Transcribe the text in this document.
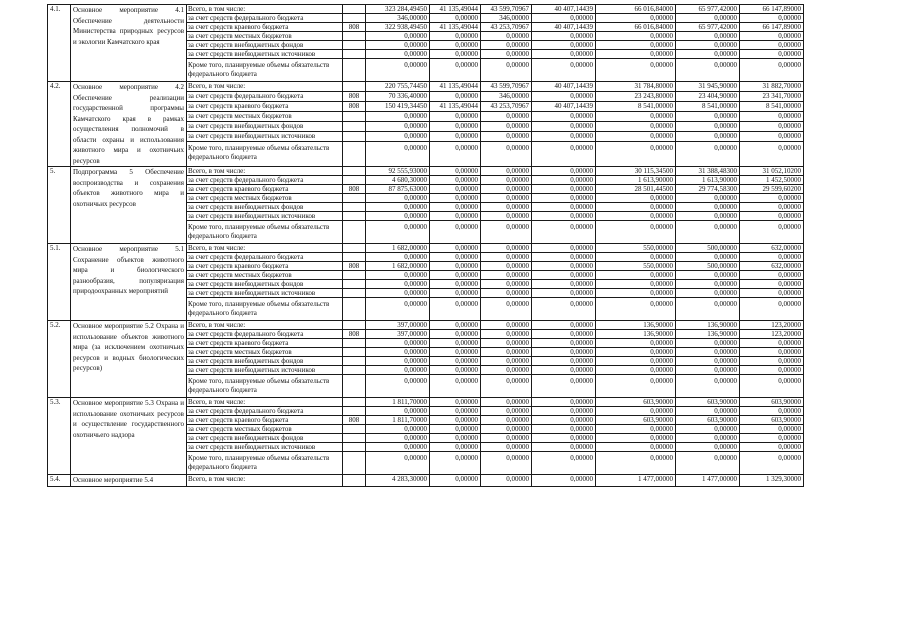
4.1.	Основное мероприятие 4.1 Обеспечение деятельности Министерства природных ресурсов и экологии Камчатского края	Всего, в том числе:		323 284,49450	41 135,49044	43 599,70967	40 407,14439	66 016,84000	65 977,42000	66 147,89000
		за счет средств федерального бюджета		346,00000	0,00000	346,00000	0,00000	0,00000	0,00000	0,00000
		за счет средств краевого бюджета	808	322 938,49450	41 135,49044	43 253,70967	40 407,14439	66 016,84000	65 977,42000	66 147,89000
		за счет средств местных бюджетов		0,00000	0,00000	0,00000	0,00000	0,00000	0,00000	0,00000
		за счет средств внебюджетных фондов		0,00000	0,00000	0,00000	0,00000	0,00000	0,00000	0,00000
		за счет средств внебюджетных источников		0,00000	0,00000	0,00000	0,00000	0,00000	0,00000	0,00000
		Кроме того, планируемые объемы обязательств федерального бюджета		0,00000	0,00000	0,00000	0,00000	0,00000	0,00000	0,00000
4.2.	Основное мероприятие 4.2 Обеспечение реализации государственной программы Камчатского края в рамках осуществления полномочий в области охраны и использования животного мира и охотничьих ресурсов	Всего, в том числе:		220 755,74450	41 135,49044	43 599,70967	40 407,14439	31 784,80000	31 945,90000	31 882,70000
		за счет средств федерального бюджета	808	70 336,40000	0,00000	346,00000	0,00000	23 243,80000	23 404,90000	23 341,70000
		за счет средств краевого бюджета	808	150 419,34450	41 135,49044	43 253,70967	40 407,14439	8 541,00000	8 541,00000	8 541,00000
		за счет средств местных бюджетов		0,00000	0,00000	0,00000	0,00000	0,00000	0,00000	0,00000
		за счет средств внебюджетных фондов		0,00000	0,00000	0,00000	0,00000	0,00000	0,00000	0,00000
		за счет средств внебюджетных источников		0,00000	0,00000	0,00000	0,00000	0,00000	0,00000	0,00000
		Кроме того, планируемые объемы обязательств федерального бюджета		0,00000	0,00000	0,00000	0,00000	0,00000	0,00000	0,00000
5.	Подпрограмма 5 Обеспечение воспроизводства и сохранения объектов животного мира и охотничьих ресурсов	Всего, в том числе:		92 555,93000	0,00000	0,00000	0,00000	30 115,34500	31 388,48300	31 052,10200
		за счет средств федерального бюджета		4 680,30000	0,00000	0,00000	0,00000	1 613,90000	1 613,90000	1 452,50000
		за счет средств краевого бюджета	808	87 875,63000	0,00000	0,00000	0,00000	28 501,44500	29 774,58300	29 599,60200
		за счет средств местных бюджетов		0,00000	0,00000	0,00000	0,00000	0,00000	0,00000	0,00000
		за счет средств внебюджетных фондов		0,00000	0,00000	0,00000	0,00000	0,00000	0,00000	0,00000
		за счет средств внебюджетных источников		0,00000	0,00000	0,00000	0,00000	0,00000	0,00000	0,00000
		Кроме того, планируемые объемы обязательств федерального бюджета		0,00000	0,00000	0,00000	0,00000	0,00000	0,00000	0,00000
5.1.	Основное мероприятие 5.1 Сохранение объектов животного мира и биологического разнообразия, популяризация природоохранных мероприятий	Всего, в том числе:		1 682,00000	0,00000	0,00000	0,00000	550,00000	500,00000	632,00000
		за счет средств федерального бюджета		0,00000	0,00000	0,00000	0,00000	0,00000	0,00000	0,00000
		за счет средств краевого бюджета	808	1 682,00000	0,00000	0,00000	0,00000	550,00000	500,00000	632,00000
		за счет средств местных бюджетов		0,00000	0,00000	0,00000	0,00000	0,00000	0,00000	0,00000
		за счет средств внебюджетных фондов		0,00000	0,00000	0,00000	0,00000	0,00000	0,00000	0,00000
		за счет средств внебюджетных источников		0,00000	0,00000	0,00000	0,00000	0,00000	0,00000	0,00000
		Кроме того, планируемые объемы обязательств федерального бюджета		0,00000	0,00000	0,00000	0,00000	0,00000	0,00000	0,00000
5.2.	Основное мероприятие 5.2 Охрана и использование объектов животного мира (за исключением охотничьих ресурсов и водных биологических ресурсов)	Всего, в том числе:		397,00000	0,00000	0,00000	0,00000	136,90000	136,90000	123,20000
		за счет средств федерального бюджета	808	397,00000	0,00000	0,00000	0,00000	136,90000	136,90000	123,20000
		за счет средств краевого бюджета		0,00000	0,00000	0,00000	0,00000	0,00000	0,00000	0,00000
		за счет средств местных бюджетов		0,00000	0,00000	0,00000	0,00000	0,00000	0,00000	0,00000
		за счет средств внебюджетных фондов		0,00000	0,00000	0,00000	0,00000	0,00000	0,00000	0,00000
		за счет средств внебюджетных источников		0,00000	0,00000	0,00000	0,00000	0,00000	0,00000	0,00000
		Кроме того, планируемые объемы обязательств федерального бюджета		0,00000	0,00000	0,00000	0,00000	0,00000	0,00000	0,00000
5.3.	Основное мероприятие 5.3 Охрана и использование охотничьих ресурсов и осуществление государственного охотничьего надзора	Всего, в том числе:		1 811,70000	0,00000	0,00000	0,00000	603,90000	603,90000	603,90000
		за счет средств федерального бюджета		0,00000	0,00000	0,00000	0,00000	0,00000	0,00000	0,00000
		за счет средств краевого бюджета	808	1 811,70000	0,00000	0,00000	0,00000	603,90000	603,90000	603,90000
		за счет средств местных бюджетов		0,00000	0,00000	0,00000	0,00000	0,00000	0,00000	0,00000
		за счет средств внебюджетных фондов		0,00000	0,00000	0,00000	0,00000	0,00000	0,00000	0,00000
		за счет средств внебюджетных источников		0,00000	0,00000	0,00000	0,00000	0,00000	0,00000	0,00000
		Кроме того, планируемые объемы обязательств федерального бюджета		0,00000	0,00000	0,00000	0,00000	0,00000	0,00000	0,00000
5.4.	Основное мероприятие 5.4	Всего, в том числе:		4 283,30000	0,00000	0,00000	0,00000	1 477,00000	1 477,00000	1 329,30000
